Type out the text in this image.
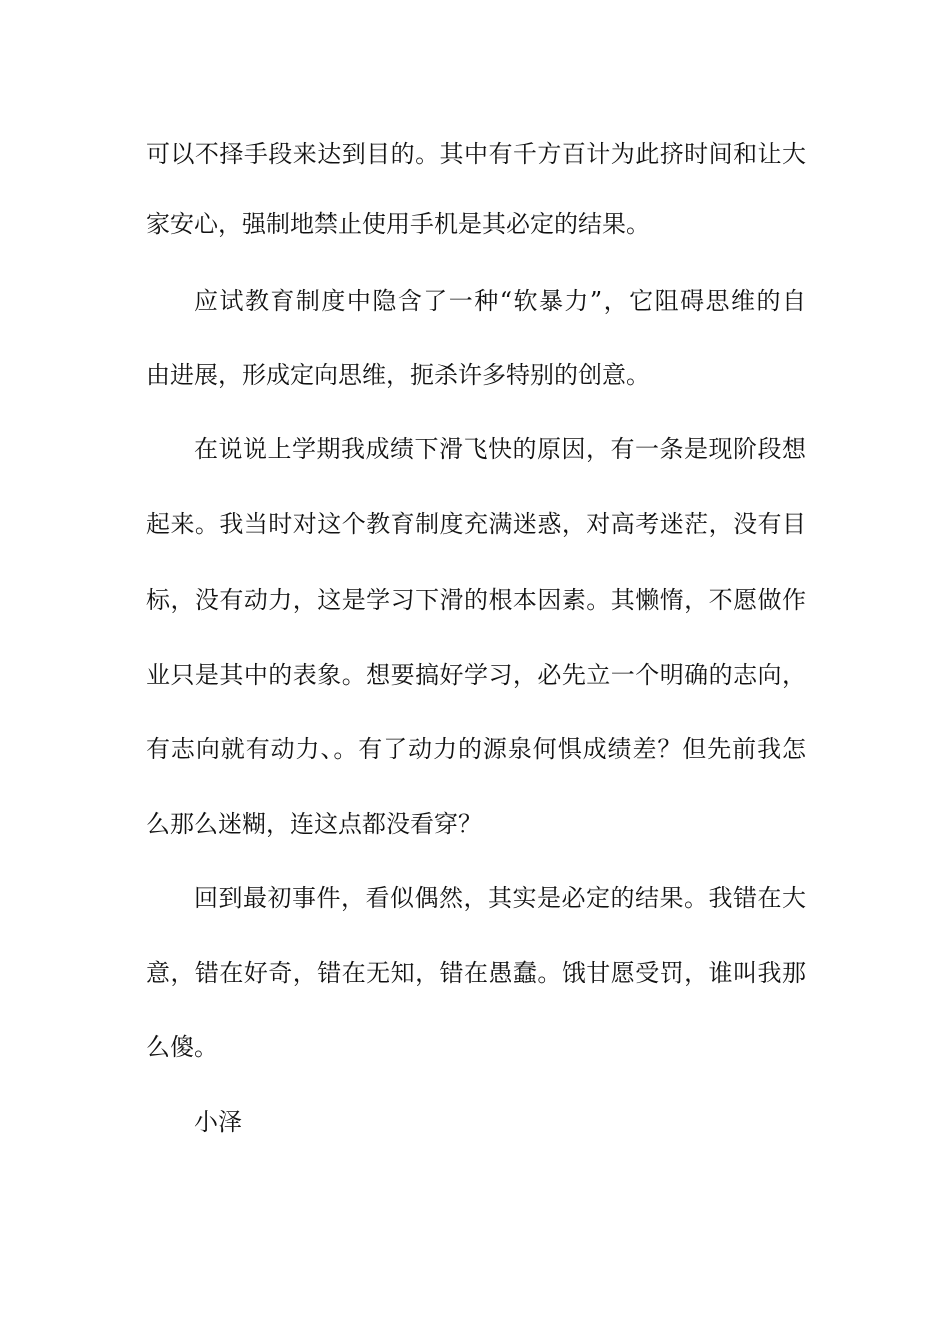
可以不择手段来达到目的。其中有千方百计为此挤时间和让大
家安心，强制地禁止使用手机是其必定的结果。
应试教育制度中隐含了一种“软暴力”，它阻碍思维的自
由进展，形成定向思维，扼杀许多特别的创意。
在说说上学期我成绩下滑飞快的原因，有一条是现阶段想
起来。我当时对这个教育制度充满迷惑，对高考迷茫，没有目
标，没有动力，这是学习下滑的根本因素。其懒惰，不愿做作
业只是其中的表象。想要搞好学习，必先立一个明确的志向，
有志向就有动力、。有了动力的源泉何惧成绩差？但先前我怎
么那么迷糊，连这点都没看穿？
回到最初事件，看似偶然，其实是必定的结果。我错在大
意，错在好奇，错在无知，错在愚蠢。饿甘愿受罚，谁叫我那
么傻。
小泽
